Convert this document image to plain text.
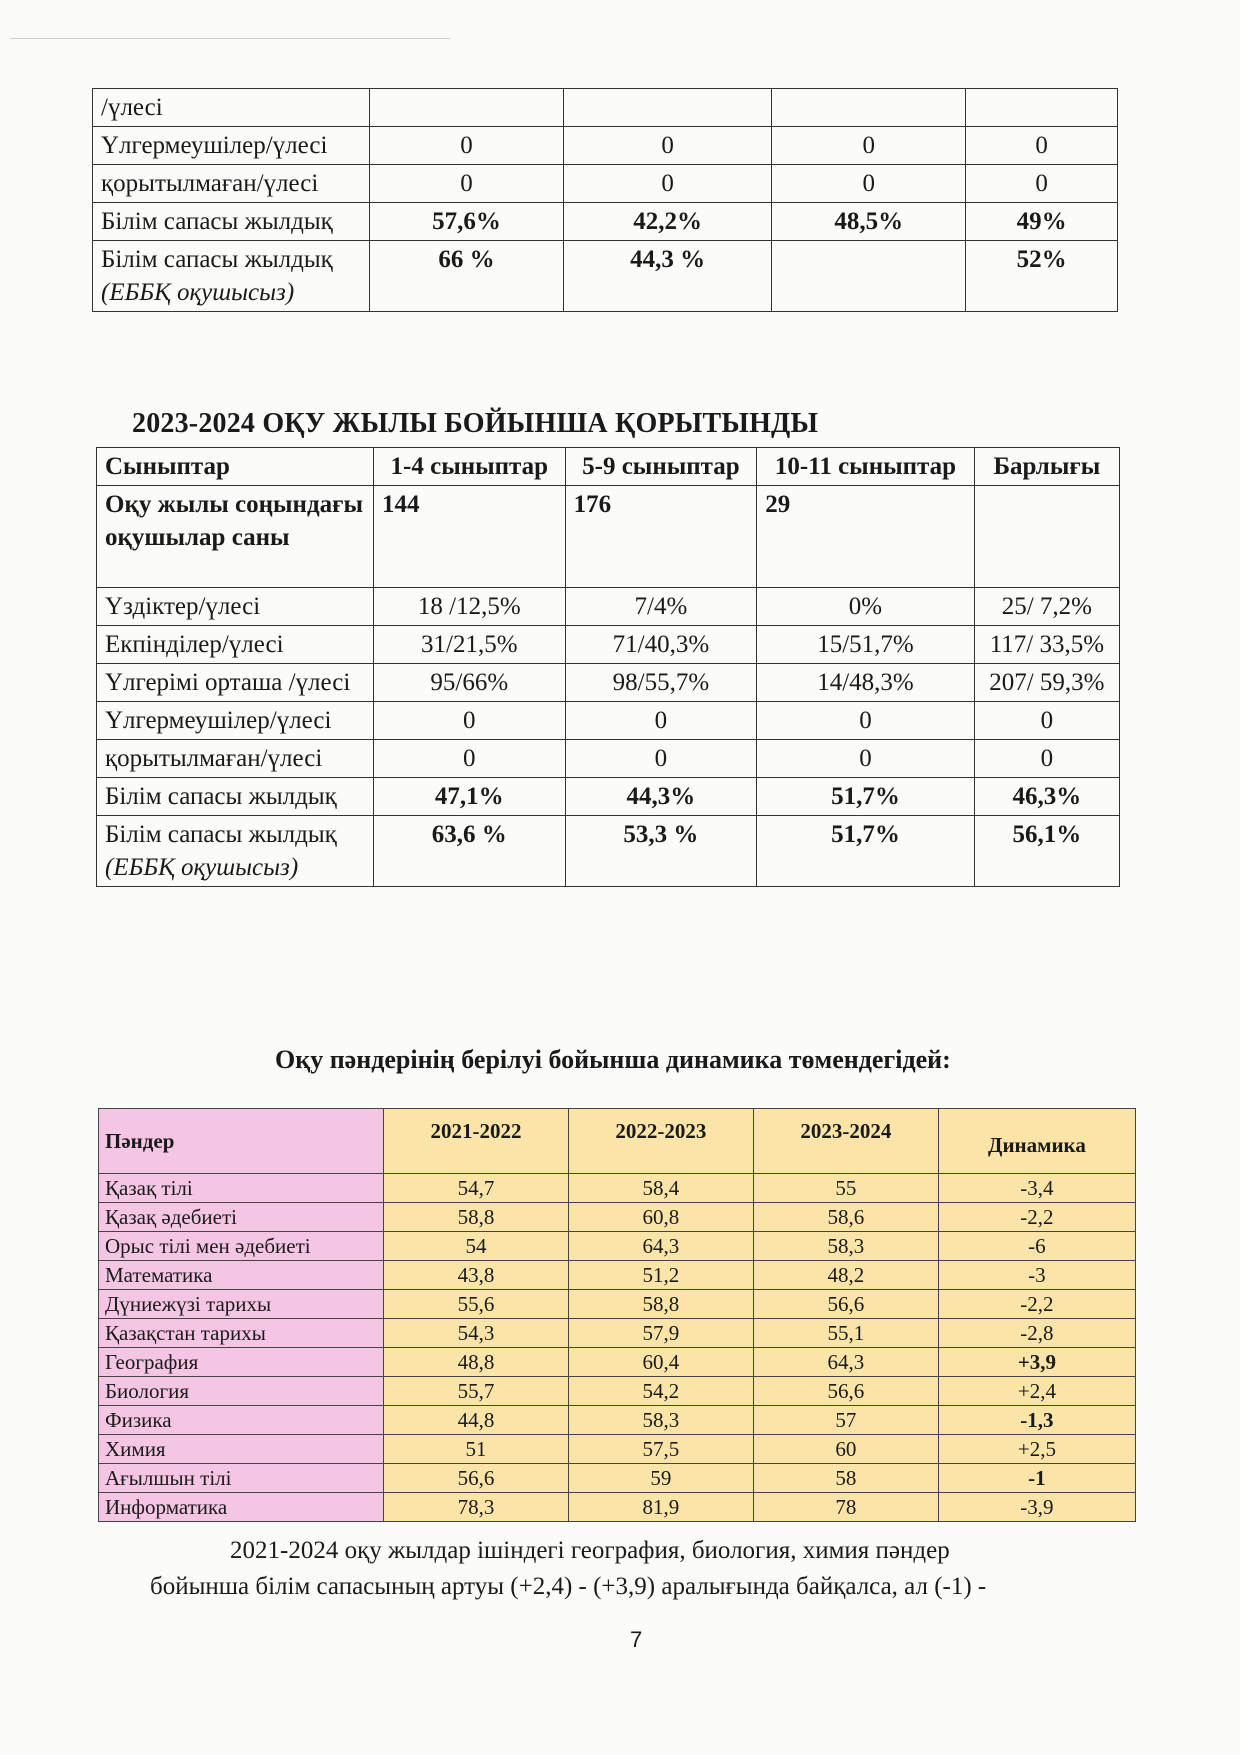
/үлесі				
Үлгермеушілер/үлесі	0	0	0	0
қорытылмаған/үлесі	0	0	0	0
Білім сапасы жылдық	57,6%	42,2%	48,5%	49%
Білім сапасы жылдық (ЕББҚ оқушысыз)	66 %	44,3 %		52%
2023-2024 ОҚУ ЖЫЛЫ БОЙЫНША ҚОРЫТЫНДЫ
Сыныптар	1-4 сыныптар	5-9 сыныптар	10-11 сыныптар	Барлығы
Оқу жылы соңындағы оқушылар саны	144	176	29	
Үздіктер/үлесі	18 /12,5%	7/4%	0%	25/ 7,2%
Екпінділер/үлесі	31/21,5%	71/40,3%	15/51,7%	117/ 33,5%
Үлгерімі орташа /үлесі	95/66%	98/55,7%	14/48,3%	207/ 59,3%
Үлгермеушілер/үлесі	0	0	0	0
қорытылмаған/үлесі	0	0	0	0
Білім сапасы жылдық	47,1%	44,3%	51,7%	46,3%
Білім сапасы жылдық (ЕББҚ оқушысыз)	63,6 %	53,3 %	51,7%	56,1%
Оқу пәндерінің берілуі бойынша динамика төмендегідей:
Пәндер	2021-2022	2022-2023	2023-2024	Динамика
Қазақ тілі	54,7	58,4	55	-3,4
Қазақ әдебиеті	58,8	60,8	58,6	-2,2
Орыс тілі мен әдебиеті	54	64,3	58,3	-6
Математика	43,8	51,2	48,2	-3
Дүниежүзі тарихы	55,6	58,8	56,6	-2,2
Қазақстан тарихы	54,3	57,9	55,1	-2,8
География	48,8	60,4	64,3	+3,9
Биология	55,7	54,2	56,6	+2,4
Физика	44,8	58,3	57	-1,3
Химия	51	57,5	60	+2,5
Ағылшын тілі	56,6	59	58	-1
Информатика	78,3	81,9	78	-3,9
2021-2024 оқу жылдар ішіндегі география, биология, химия пәндер
бойынша білім сапасының артуы (+2,4) - (+3,9) аралығында байқалса, ал (-1) -
7
